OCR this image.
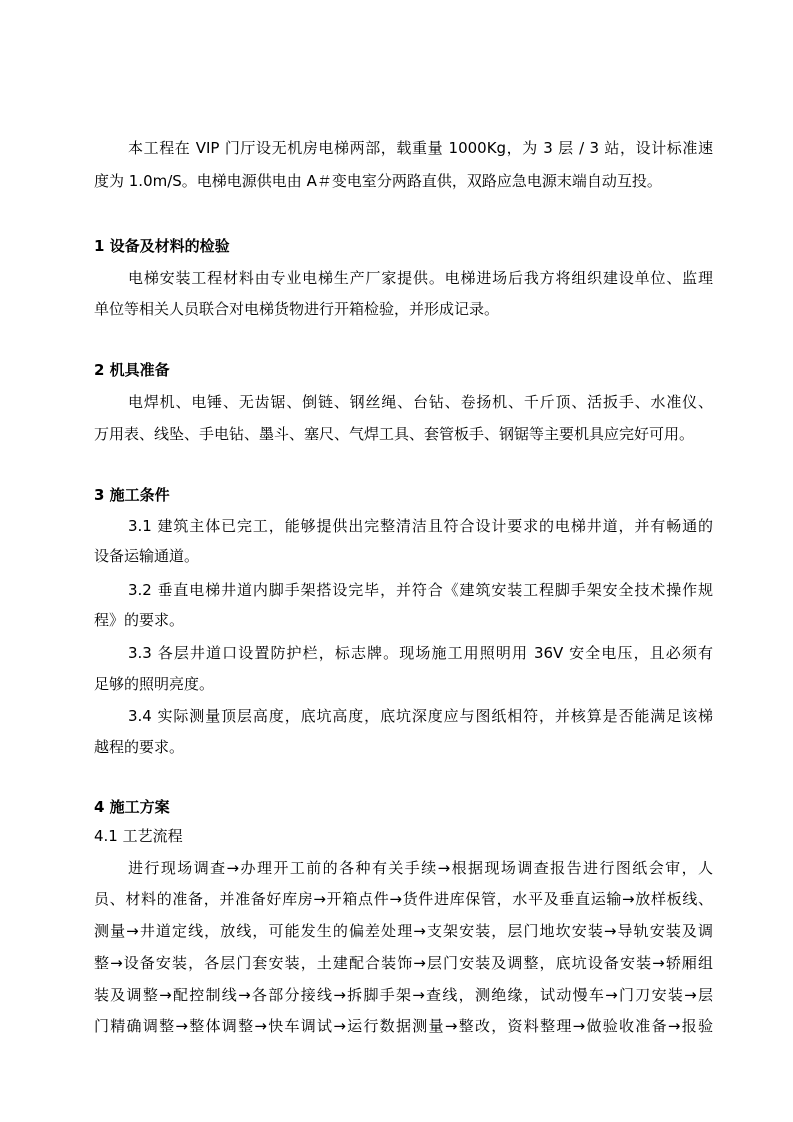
本工程在 VIP 门厅设无机房电梯两部，载重量 1000Kg，为 3 层 / 3 站，设计标准速
度为 1.0m/S。电梯电源供电由 A＃变电室分两路直供，双路应急电源末端自动互投。
1 设备及材料的检验
电梯安装工程材料由专业电梯生产厂家提供。电梯进场后我方将组织建设单位、监理
单位等相关人员联合对电梯货物进行开箱检验，并形成记录。
2 机具准备
电焊机、电锤、无齿锯、倒链、钢丝绳、台钻、卷扬机、千斤顶、活扳手、水准仪、
万用表、线坠、手电钻、墨斗、塞尺、气焊工具、套管板手、钢锯等主要机具应完好可用。
3 施工条件
3.1 建筑主体已完工，能够提供出完整清洁且符合设计要求的电梯井道，并有畅通的
设备运输通道。
3.2 垂直电梯井道内脚手架搭设完毕，并符合《建筑安装工程脚手架安全技术操作规
程》的要求。
3.3 各层井道口设置防护栏，标志牌。现场施工用照明用 36V 安全电压，且必须有
足够的照明亮度。
3.4 实际测量顶层高度，底坑高度，底坑深度应与图纸相符，并核算是否能满足该梯
越程的要求。
4 施工方案
4.1 工艺流程
进行现场调查→办理开工前的各种有关手续→根据现场调查报告进行图纸会审，人
员、材料的准备，并准备好库房→开箱点件→货件进库保管，水平及垂直运输→放样板线、
测量→井道定线，放线，可能发生的偏差处理→支架安装，层门地坎安装→导轨安装及调
整→设备安装，各层门套安装，土建配合装饰→层门安装及调整，底坑设备安装→轿厢组
装及调整→配控制线→各部分接线→拆脚手架→查线，测绝缘，试动慢车→门刀安装→层
门精确调整→整体调整→快车调试→运行数据测量→整改，资料整理→做验收准备→报验
